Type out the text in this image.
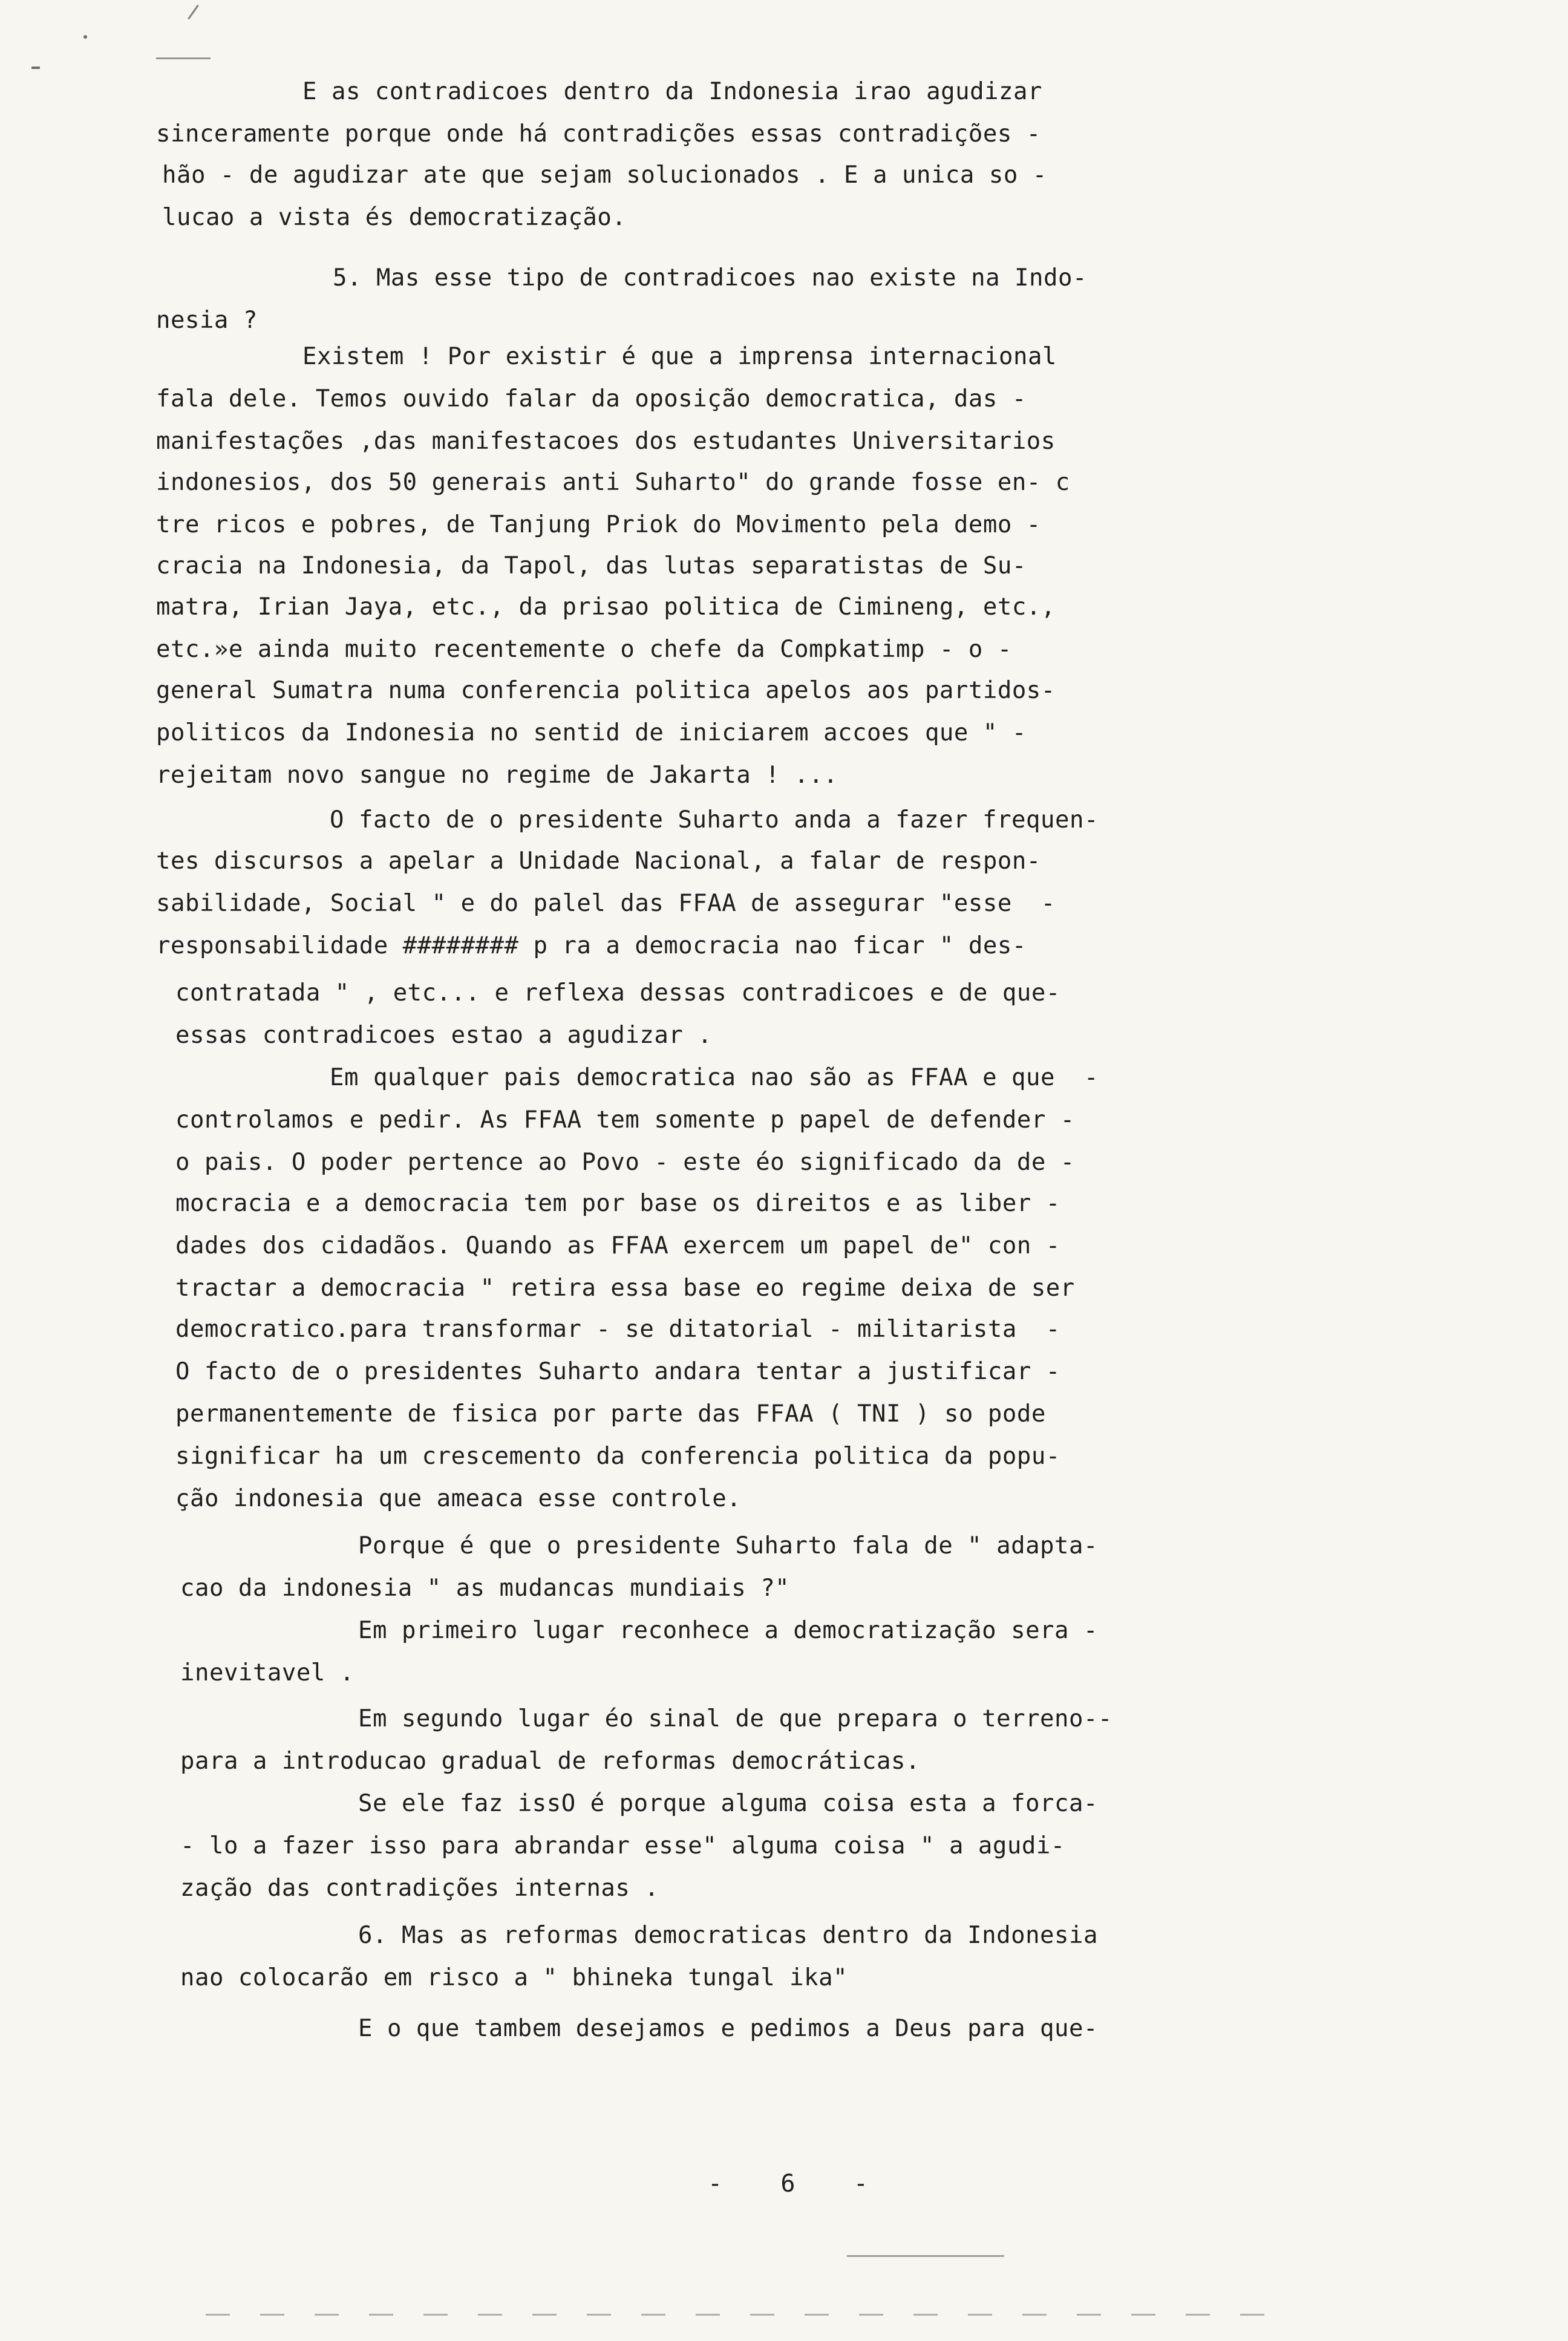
E as contradicoes dentro da Indonesia irao agudizar
sinceramente porque onde há contradições essas contradições -
hão - de agudizar ate que sejam solucionados . E a unica so -
lucao a vista és democratização.
5. Mas esse tipo de contradicoes nao existe na Indo-
nesia ?
Existem ! Por existir é que a imprensa internacional
fala dele. Temos ouvido falar da oposição democratica, das -
manifestações ,das manifestacoes dos estudantes Universitarios
indonesios, dos 50 generais anti Suharto" do grande fosse en- c
tre ricos e pobres, de Tanjung Priok do Movimento pela demo -
cracia na Indonesia, da Tapol, das lutas separatistas de Su-
matra, Irian Jaya, etc., da prisao politica de Cimineng, etc.,
etc.»e ainda muito recentemente o chefe da Compkatimp - o -
general Sumatra numa conferencia politica apelos aos partidos-
politicos da Indonesia no sentid de iniciarem accoes que " -
rejeitam novo sangue no regime de Jakarta ! ...
O facto de o presidente Suharto anda a fazer frequen-
tes discursos a apelar a Unidade Nacional, a falar de respon-
sabilidade, Social " e do palel das FFAA de assegurar "esse  -
responsabilidade ######## p ra a democracia nao ficar " des-
contratada " , etc... e reflexa dessas contradicoes e de que-
essas contradicoes estao a agudizar .
Em qualquer pais democratica nao são as FFAA e que  -
controlamos e pedir. As FFAA tem somente p papel de defender -
o pais. O poder pertence ao Povo - este éo significado da de -
mocracia e a democracia tem por base os direitos e as liber -
dades dos cidadãos. Quando as FFAA exercem um papel de" con -
tractar a democracia " retira essa base eo regime deixa de ser
democratico.para transformar - se ditatorial - militarista  -
O facto de o presidentes Suharto andara tentar a justificar -
permanentemente de fisica por parte das FFAA ( TNI ) so pode
significar ha um crescemento da conferencia politica da popu-
ção indonesia que ameaca esse controle.
Porque é que o presidente Suharto fala de " adapta-
cao da indonesia " as mudancas mundiais ?"
Em primeiro lugar reconhece a democratização sera -
inevitavel .
Em segundo lugar éo sinal de que prepara o terreno--
para a introducao gradual de reformas democráticas.
Se ele faz issO é porque alguma coisa esta a forca-
- lo a fazer isso para abrandar esse" alguma coisa " a agudi-
zação das contradições internas .
6. Mas as reformas democraticas dentro da Indonesia
nao colocarão em risco a " bhineka tungal ika"
E o que tambem desejamos e pedimos a Deus para que-
-    6    -
